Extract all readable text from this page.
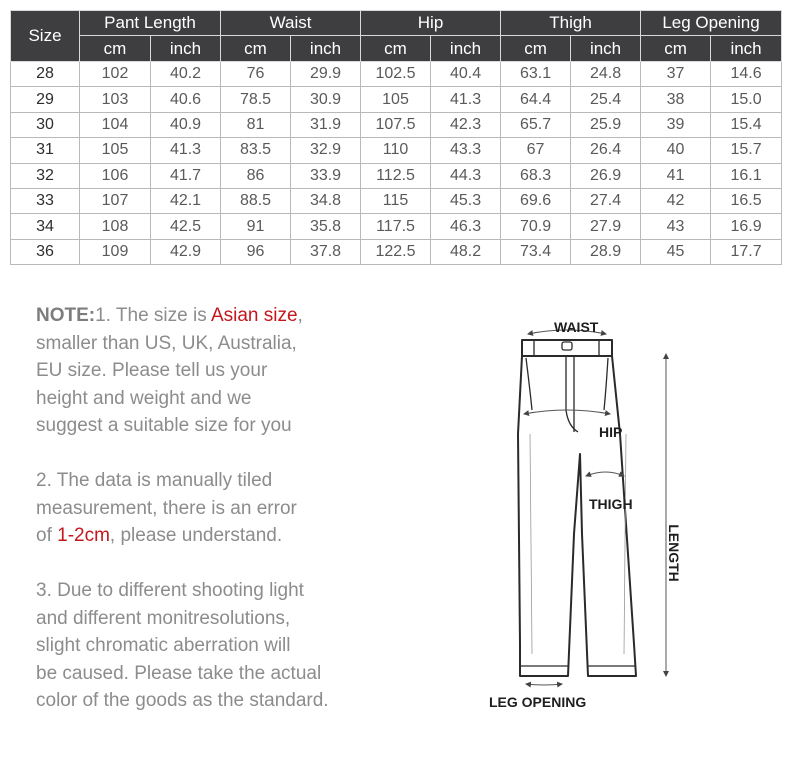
Size	Pant Length		Waist		Hip		Thigh		Leg Opening	
	cm	inch	cm	inch	cm	inch	cm	inch	cm	inch
28	102	40.2	76	29.9	102.5	40.4	63.1	24.8	37	14.6
29	103	40.6	78.5	30.9	105	41.3	64.4	25.4	38	15.0
30	104	40.9	81	31.9	107.5	42.3	65.7	25.9	39	15.4
31	105	41.3	83.5	32.9	110	43.3	67	26.4	40	15.7
32	106	41.7	86	33.9	112.5	44.3	68.3	26.9	41	16.1
33	107	42.1	88.5	34.8	115	45.3	69.6	27.4	42	16.5
34	108	42.5	91	35.8	117.5	46.3	70.9	27.9	43	16.9
36	109	42.9	96	37.8	122.5	48.2	73.4	28.9	45	17.7

NOTE:1. The size is Asian size,

smaller than US, UK, Australia,

EU size. Please tell us your

height and weight and we

suggest a suitable size for you

2. The data is manually tiled

measurement, there is an error

of 1-2cm, please understand.

3. Due to different shooting light

and different monitresolutions,

slight chromatic aberration will

be caused. Please take the actual

color of the goods as the standard.

WAIST
HIP
THIGH
LENGTH
LEG OPENING
